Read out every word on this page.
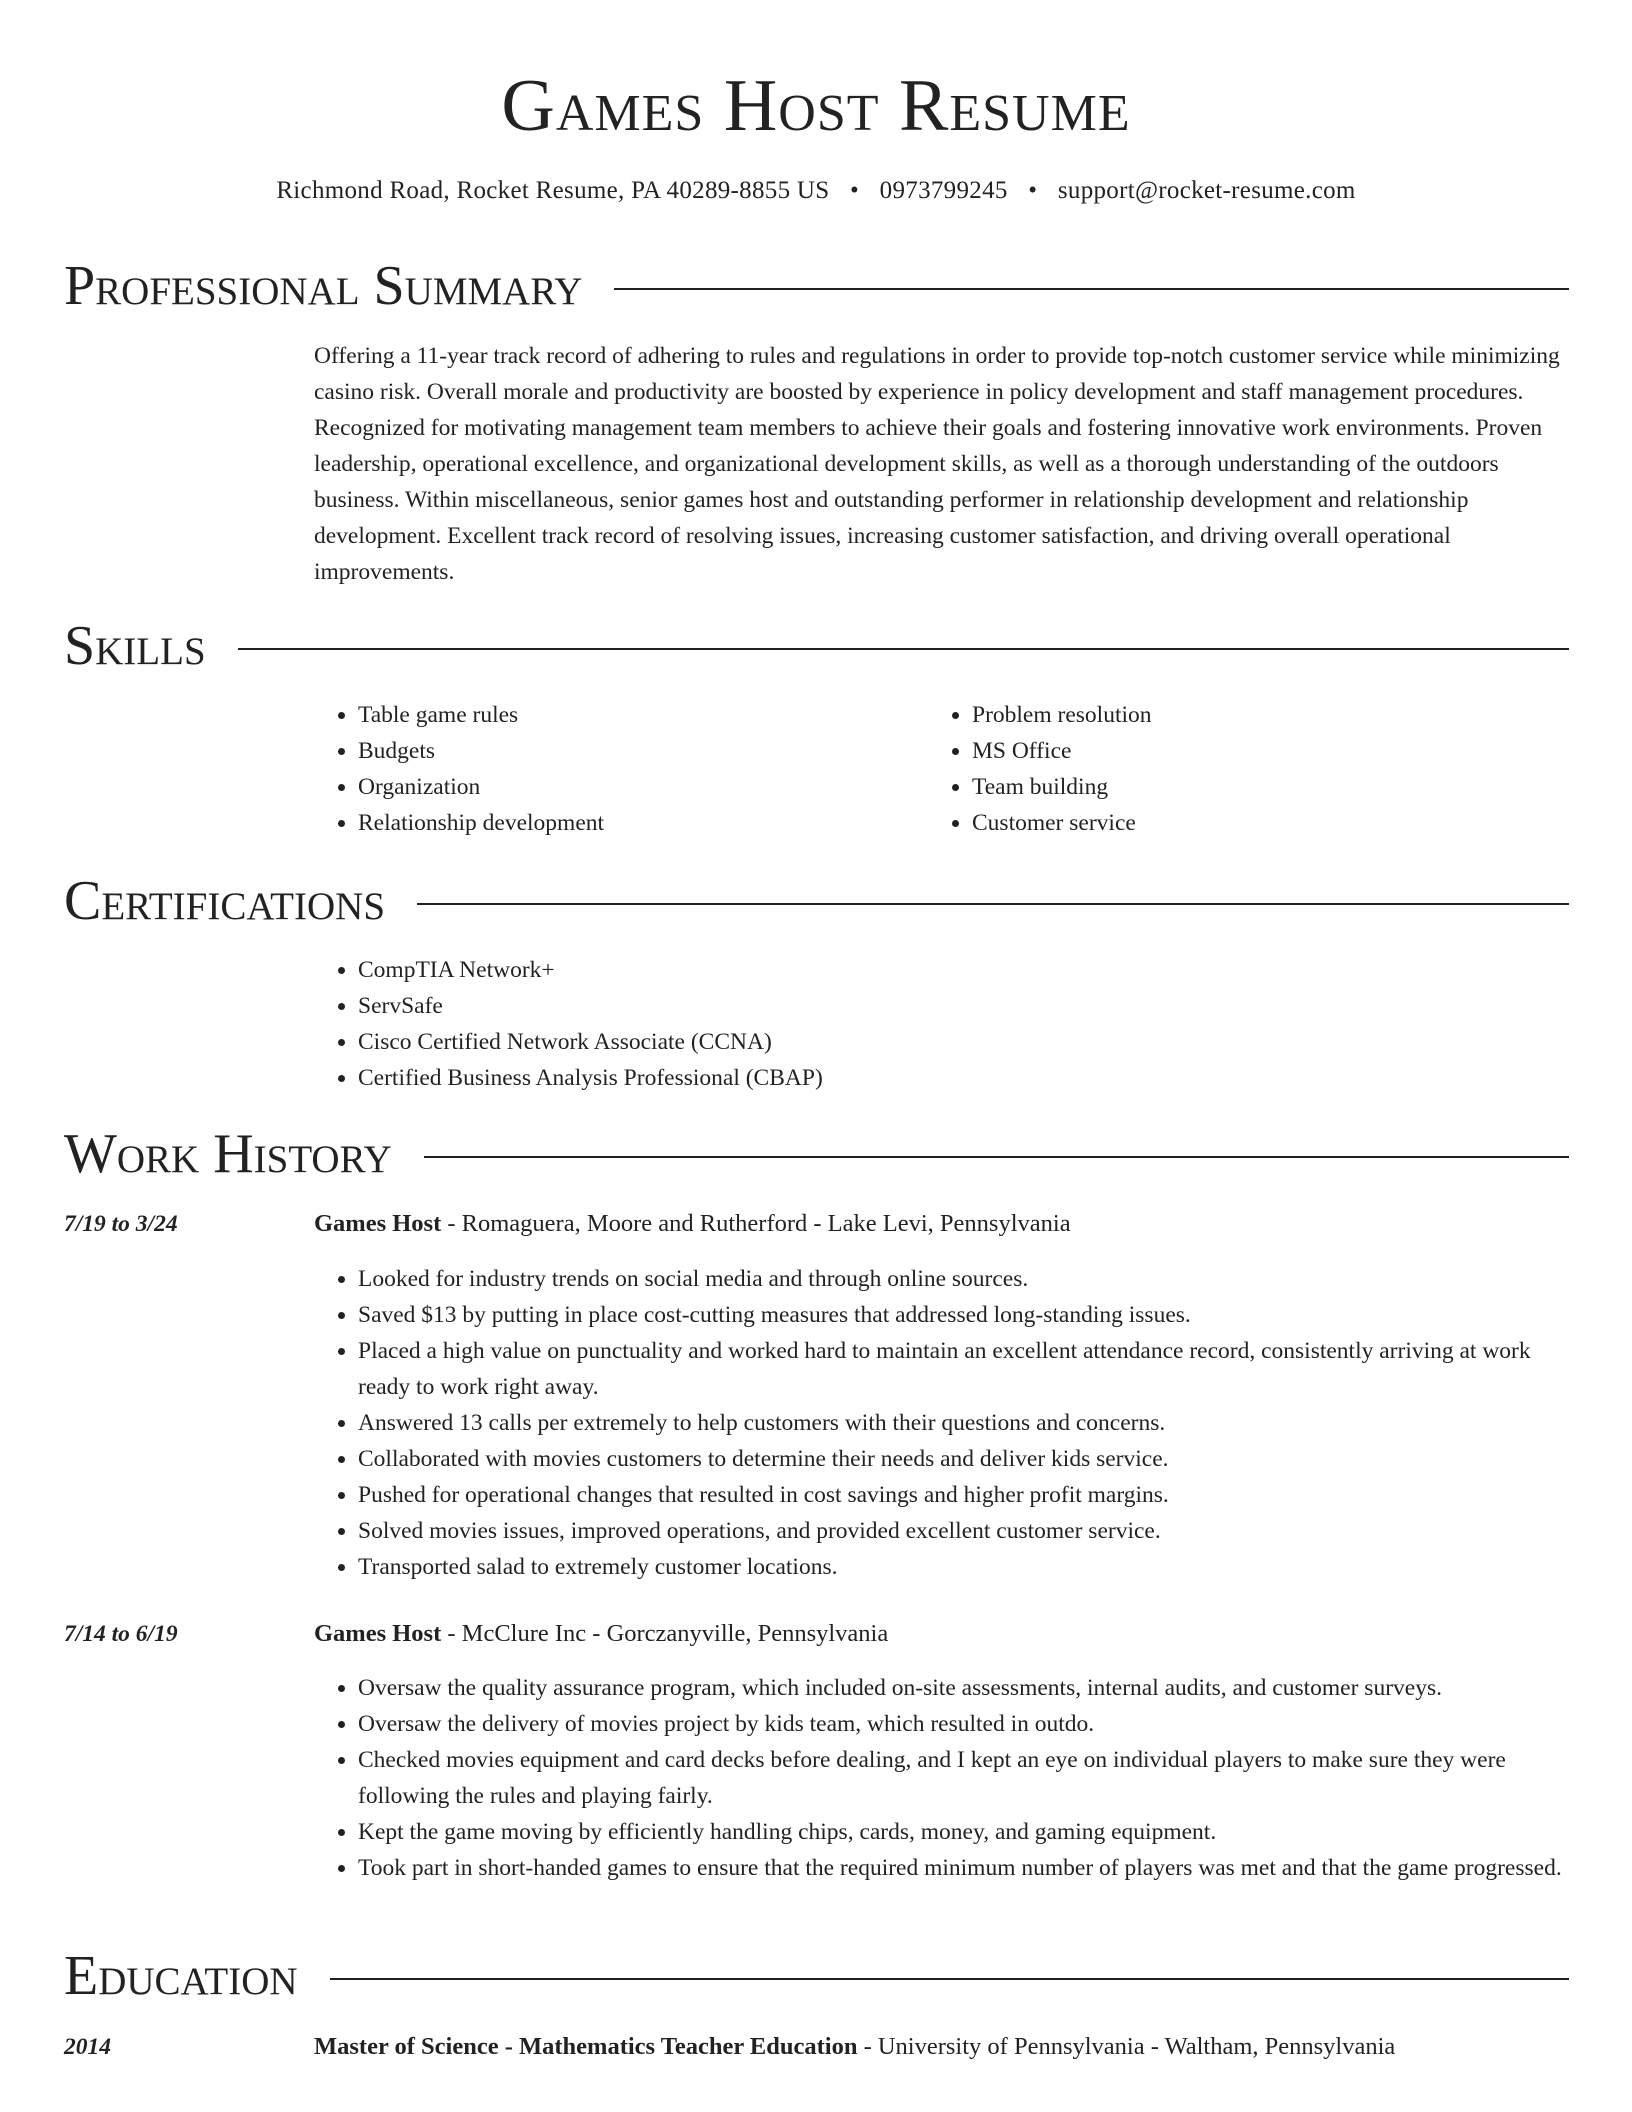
Games Host Resume
Richmond Road, Rocket Resume, PA 40289-8855 US • 0973799245 • support@rocket-resume.com
Professional Summary

Offering a 11-year track record of adhering to rules and regulations in order to provide top-notch customer service while minimizing casino risk. Overall morale and productivity are boosted by experience in policy development and staff management procedures. Recognized for motivating management team members to achieve their goals and fostering innovative work environments. Proven leadership, operational excellence, and organizational development skills, as well as a thorough understanding of the outdoors business. Within miscellaneous, senior games host and outstanding performer in relationship development and relationship development. Excellent track record of resolving issues, increasing customer satisfaction, and driving overall operational improvements.

Skills
• Table game rules
• Budgets
• Organization
• Relationship development
• Problem resolution
• MS Office
• Team building
• Customer service
Certifications
• CompTIA Network+
• ServSafe
• Cisco Certified Network Associate (CCNA)
• Certified Business Analysis Professional (CBAP)
Work History
7/19 to 3/24	Games Host - Romaguera, Moore and Rutherford - Lake Levi, Pennsylvania
• Looked for industry trends on social media and through online sources.
• Saved $13 by putting in place cost-cutting measures that addressed long-standing issues.
• Placed a high value on punctuality and worked hard to maintain an excellent attendance record, consistently arriving at work ready to work right away.
• Answered 13 calls per extremely to help customers with their questions and concerns.
• Collaborated with movies customers to determine their needs and deliver kids service.
• Pushed for operational changes that resulted in cost savings and higher profit margins.
• Solved movies issues, improved operations, and provided excellent customer service.
• Transported salad to extremely customer locations.
7/14 to 6/19	Games Host - McClure Inc - Gorczanyville, Pennsylvania
• Oversaw the quality assurance program, which included on-site assessments, internal audits, and customer surveys.
• Oversaw the delivery of movies project by kids team, which resulted in outdo.
• Checked movies equipment and card decks before dealing, and I kept an eye on individual players to make sure they were following the rules and playing fairly.
• Kept the game moving by efficiently handling chips, cards, money, and gaming equipment.
• Took part in short-handed games to ensure that the required minimum number of players was met and that the game progressed.
Education
2014	Master of Science - Mathematics Teacher Education - University of Pennsylvania - Waltham, Pennsylvania
